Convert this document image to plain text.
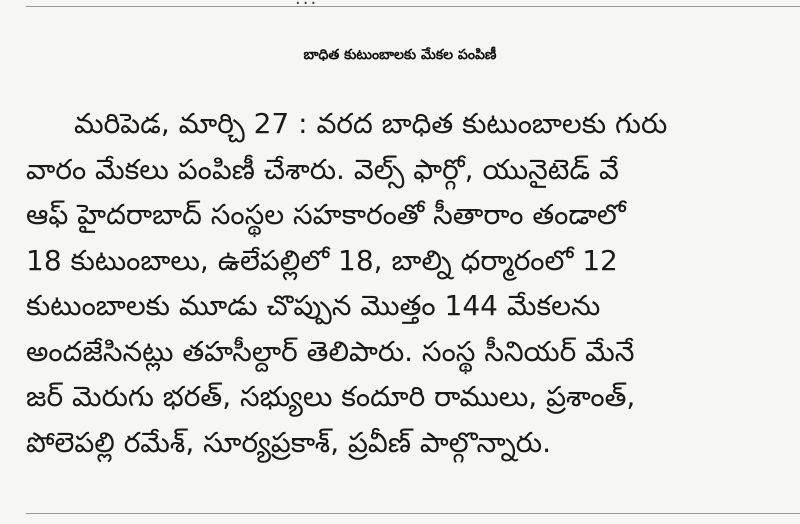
బాధిత కుటుంబాలకు మేకల పంపిణీ
మరిపెడ, మార్చి 27 : వరద బాధిత కుటుంబాలకు గురు
వారం మేకలు పంపిణీ చేశారు. వెల్స్ ఫార్గో, యునైటెడ్ వే
ఆఫ్ హైదరాబాద్ సంస్థల సహకారంతో సీతారాం తండాలో
18 కుటుంబాలు, ఉలేపల్లిలో 18, బాల్ని ధర్మారంలో 12
కుటుంబాలకు మూడు చొప్పున మొత్తం 144 మేకలను
అందజేసినట్లు తహసీల్దార్ తెలిపారు. సంస్థ సీనియర్ మేనే
జర్ మెరుగు భరత్, సభ్యులు కందూరి రాములు, ప్రశాంత్,
పోలెపల్లి రమేశ్, సూర్యప్రకాశ్, ప్రవీణ్ పాల్గొన్నారు.
